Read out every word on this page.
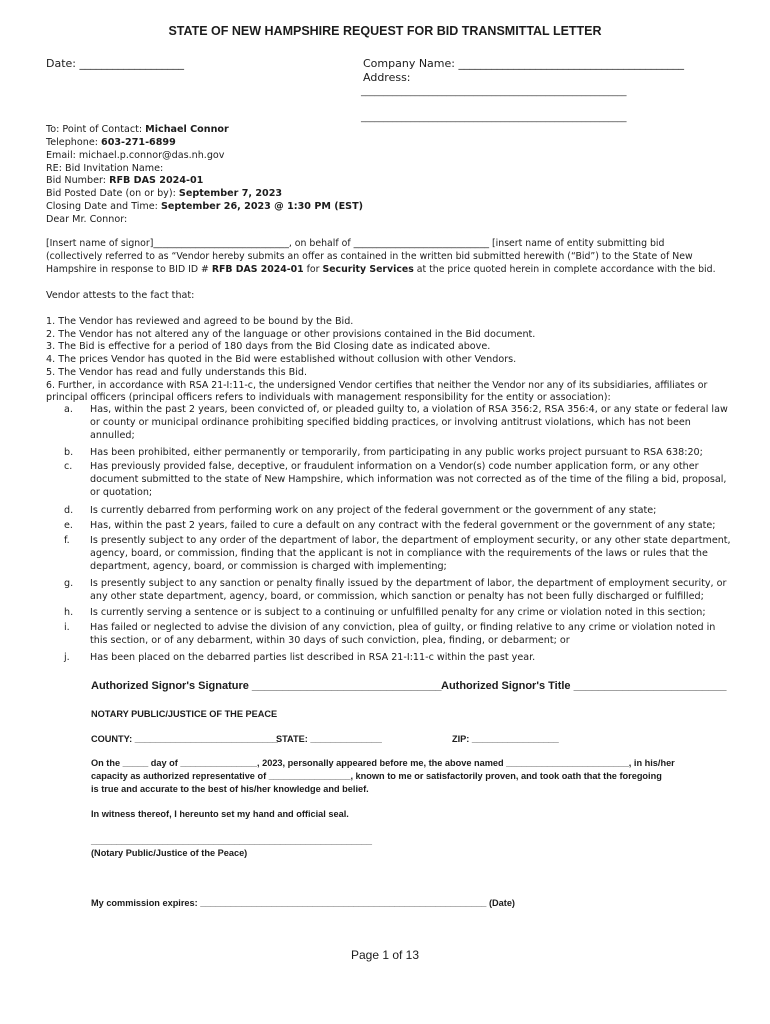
STATE OF NEW HAMPSHIRE REQUEST FOR BID TRANSMITTAL LETTER
Date: ___________________	Company Name: _________________________________________
Address:
___________________________________________________________
___________________________________________________________
To: Point of Contact: Michael Connor
Telephone: 603-271-6899
Email: michael.p.connor@das.nh.gov
RE: Bid Invitation Name:
Bid Number: RFB DAS 2024-01
Bid Posted Date (on or by): September 7, 2023
Closing Date and Time: September 26, 2023 @ 1:30 PM (EST)
Dear Mr. Connor:
[Insert name of signor]_____________________________, on behalf of _____________________________ [insert name of entity submitting bid
(collectively referred to as “Vendor hereby submits an offer as contained in the written bid submitted herewith (“Bid”) to the State of New
Hampshire in response to BID ID # RFB DAS 2024-01 for Security Services at the price quoted herein in complete accordance with the bid.
Vendor attests to the fact that:
1. The Vendor has reviewed and agreed to be bound by the Bid.
2. The Vendor has not altered any of the language or other provisions contained in the Bid document.
3. The Bid is effective for a period of 180 days from the Bid Closing date as indicated above.
4. The prices Vendor has quoted in the Bid were established without collusion with other Vendors.
5. The Vendor has read and fully understands this Bid.
6. Further, in accordance with RSA 21-I:11-c, the undersigned Vendor certifies that neither the Vendor nor any of its subsidiaries, affiliates or
principal officers (principal officers refers to individuals with management responsibility for the entity or association):
a. Has, within the past 2 years, been convicted of, or pleaded guilty to, a violation of RSA 356:2, RSA 356:4, or any state or federal law or county or municipal ordinance prohibiting specified bidding practices, or involving antitrust violations, which has not been annulled;
b. Has been prohibited, either permanently or temporarily, from participating in any public works project pursuant to RSA 638:20;
c. Has previously provided false, deceptive, or fraudulent information on a Vendor(s) code number application form, or any other document submitted to the state of New Hampshire, which information was not corrected as of the time of the filing a bid, proposal, or quotation;
d. Is currently debarred from performing work on any project of the federal government or the government of any state;
e. Has, within the past 2 years, failed to cure a default on any contract with the federal government or the government of any state;
f. Is presently subject to any order of the department of labor, the department of employment security, or any other state department, agency, board, or commission, finding that the applicant is not in compliance with the requirements of the laws or rules that the department, agency, board, or commission is charged with implementing;
g. Is presently subject to any sanction or penalty finally issued by the department of labor, the department of employment security, or any other state department, agency, board, or commission, which sanction or penalty has not been fully discharged or fulfilled;
h. Is currently serving a sentence or is subject to a continuing or unfulfilled penalty for any crime or violation noted in this section;
i. Has failed or neglected to advise the division of any conviction, plea of guilty, or finding relative to any crime or violation noted in this section, or of any debarment, within 30 days of such conviction, plea, finding, or debarment; or
j. Has been placed on the debarred parties list described in RSA 21-I:11-c within the past year.
Authorized Signor's Signature _______________________________ Authorized Signor's Title _________________________
NOTARY PUBLIC/JUSTICE OF THE PEACE
COUNTY: ____________________________
STATE: ______________	ZIP: _________________
On the _____ day of _______________, 2023, personally appeared before me, the above named ________________________, in his/her
capacity as authorized representative of ________________, known to me or satisfactorily proven, and took oath that the foregoing
is true and accurate to the best of his/her knowledge and belief.
In witness thereof, I hereunto set my hand and official seal.
_______________________________________________________
(Notary Public/Justice of the Peace)
My commission expires: ________________________________________________________ (Date)
Page 1 of 13
